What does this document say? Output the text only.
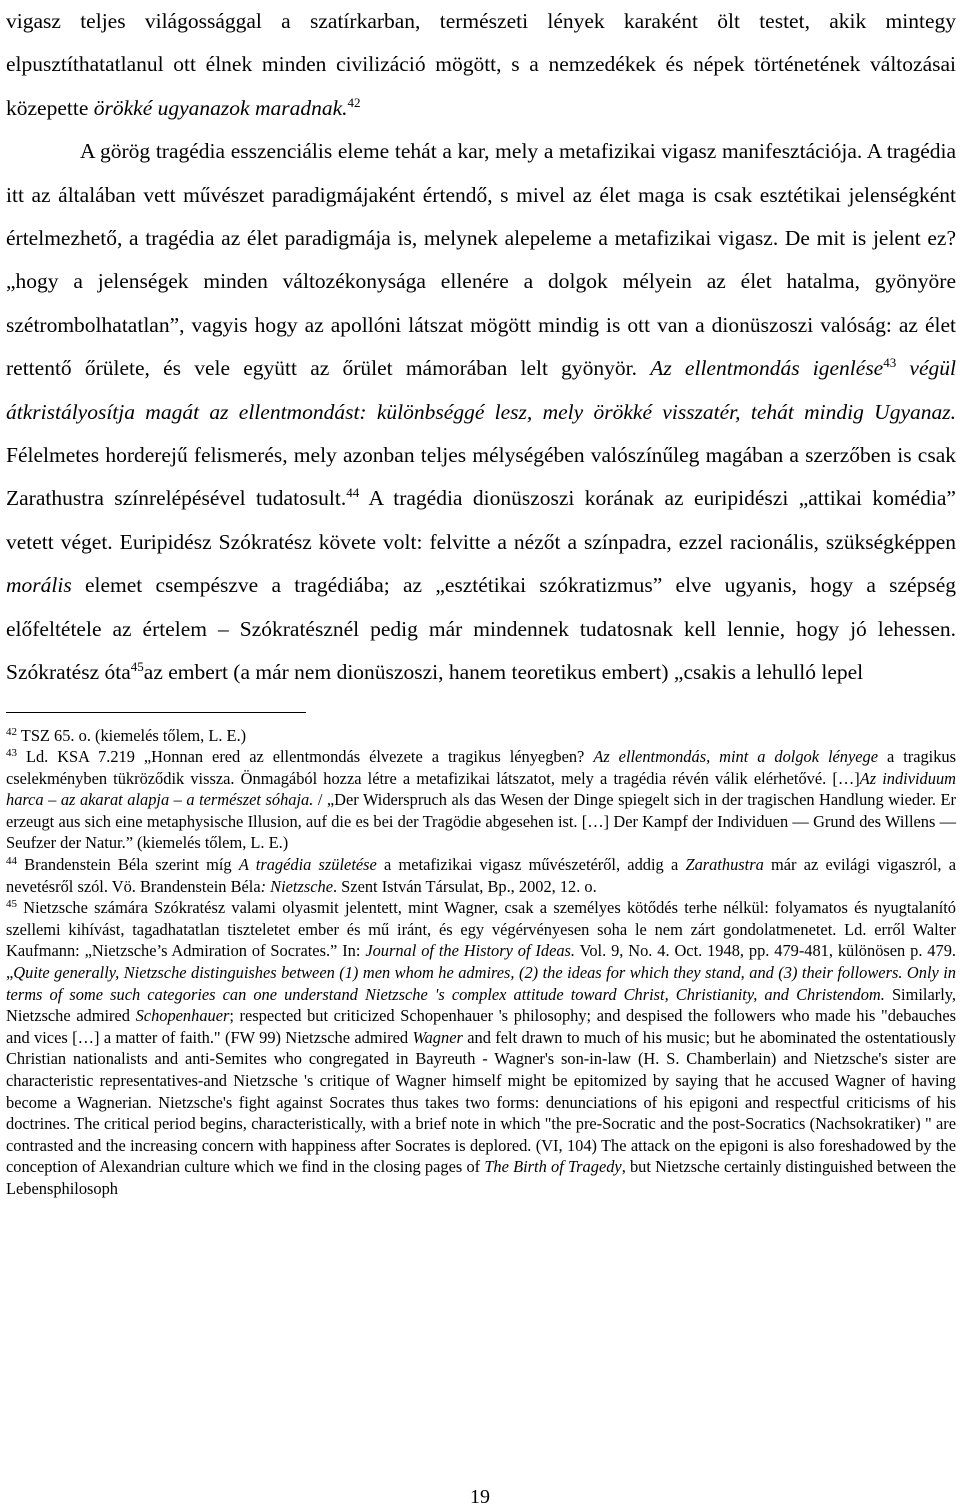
vigasz teljes világossággal a szatírkarban, természeti lények karaként ölt testet, akik mintegy elpusztíthatatlanul ott élnek minden civilizáció mögött, s a nemzedékek és népek történetének változásai közepette örökké ugyanazok maradnak.$^{42}$

A görög tragédia esszenciális eleme tehát a kar, mely a metafizikai vigasz manifesztációja. A tragédia itt az általában vett művészet paradigmájaként értendő, s mivel az élet maga is csak esztétikai jelenségként értelmezhető, a tragédia az élet paradigmája is, melynek alepeleme a metafizikai vigasz. De mit is jelent ez? „hogy a jelenségek minden változékonysága ellenére a dolgok mélyein az élet hatalma, gyönyöre szétrombolhatatlan”, vagyis hogy az apollóni látszat mögött mindig is ott van a dionüszoszi valóság: az élet rettentő őrülete, és vele együtt az őrület mámorában lelt gyönyör. Az ellentmondás igenlése$^{43}$ végül átkristályosítja magát az ellentmondást: különbséggé lesz, mely örökké visszatér, tehát mindig Ugyanaz. Félelmetes horderejű felismerés, mely azonban teljes mélységében valószínűleg magában a szerzőben is csak Zarathustra színrelépésével tudatosult.$^{44}$ A tragédia dionüszoszi korának az euripidészi „attikai komédia” vetett véget. Euripidész Szókratész követe volt: felvitte a nézőt a színpadra, ezzel racionális, szükségképpen morális elemet csempészve a tragédiába; az „esztétikai szókratizmus” elve ugyanis, hogy a szépség előfeltétele az értelem – Szókratésznél pedig már mindennek tudatosnak kell lennie, hogy jó lehessen. Szókratész óta$^{45}$az embert (a már nem dionüszoszi, hanem teoretikus embert) „csakis a lehulló lepel

$^{42}$ TSZ 65. o. (kiemelés tőlem, L. E.)

$^{43}$ Ld. KSA 7.219 „Honnan ered az ellentmondás élvezete a tragikus lényegben? Az ellentmondás, mint a dolgok lényege a tragikus cselekményben tükröződik vissza. Önmagából hozza létre a metafizikai látszatot, mely a tragédia révén válik elérhetővé. […]Az individuum harca – az akarat alapja – a természet sóhaja. / „Der Widerspruch als das Wesen der Dinge spiegelt sich in der tragischen Handlung wieder. Er erzeugt aus sich eine metaphysische Illusion, auf die es bei der Tragödie abgesehen ist. […] Der Kampf der Individuen ― Grund des Willens ― Seufzer der Natur.” (kiemelés tőlem, L. E.)

$^{44}$ Brandenstein Béla szerint míg A tragédia születése a metafizikai vigasz művészetéről, addig a Zarathustra már az evilági vigaszról, a nevetésről szól. Vö. Brandenstein Béla: Nietzsche. Szent István Társulat, Bp., 2002, 12. o.

$^{45}$ Nietzsche számára Szókratész valami olyasmit jelentett, mint Wagner, csak a személyes kötődés terhe nélkül: folyamatos és nyugtalanító szellemi kihívást, tagadhatatlan tiszteletet ember és mű iránt, és egy végérvényesen soha le nem zárt gondolatmenetet. Ld. erről Walter Kaufmann: „Nietzsche’s Admiration of Socrates.” In: Journal of the History of Ideas. Vol. 9, No. 4. Oct. 1948, pp. 479-481, különösen p. 479. „Quite generally, Nietzsche distinguishes between (1) men whom he admires, (2) the ideas for which they stand, and (3) their followers. Only in terms of some such categories can one understand Nietzsche 's complex attitude toward Christ, Christianity, and Christendom. Similarly, Nietzsche admired Schopenhauer; respected but criticized Schopenhauer 's philosophy; and despised the followers who made his "debauches and vices […] a matter of faith." (FW 99) Nietzsche admired Wagner and felt drawn to much of his music; but he abominated the ostentatiously Christian nationalists and anti-Semites who congregated in Bayreuth - Wagner's son-in-law (H. S. Chamberlain) and Nietzsche's sister are characteristic representatives-and Nietzsche 's critique of Wagner himself might be epitomized by saying that he accused Wagner of having become a Wagnerian. Nietzsche's fight against Socrates thus takes two forms: denunciations of his epigoni and respectful criticisms of his doctrines. The critical period begins, characteristically, with a brief note in which "the pre-Socratic and the post-Socratics (Nachsokratiker) " are contrasted and the increasing concern with happiness after Socrates is deplored. (VI, 104) The attack on the epigoni is also foreshadowed by the conception of Alexandrian culture which we find in the closing pages of The Birth of Tragedy, but Nietzsche certainly distinguished between the Lebensphilosoph

19
